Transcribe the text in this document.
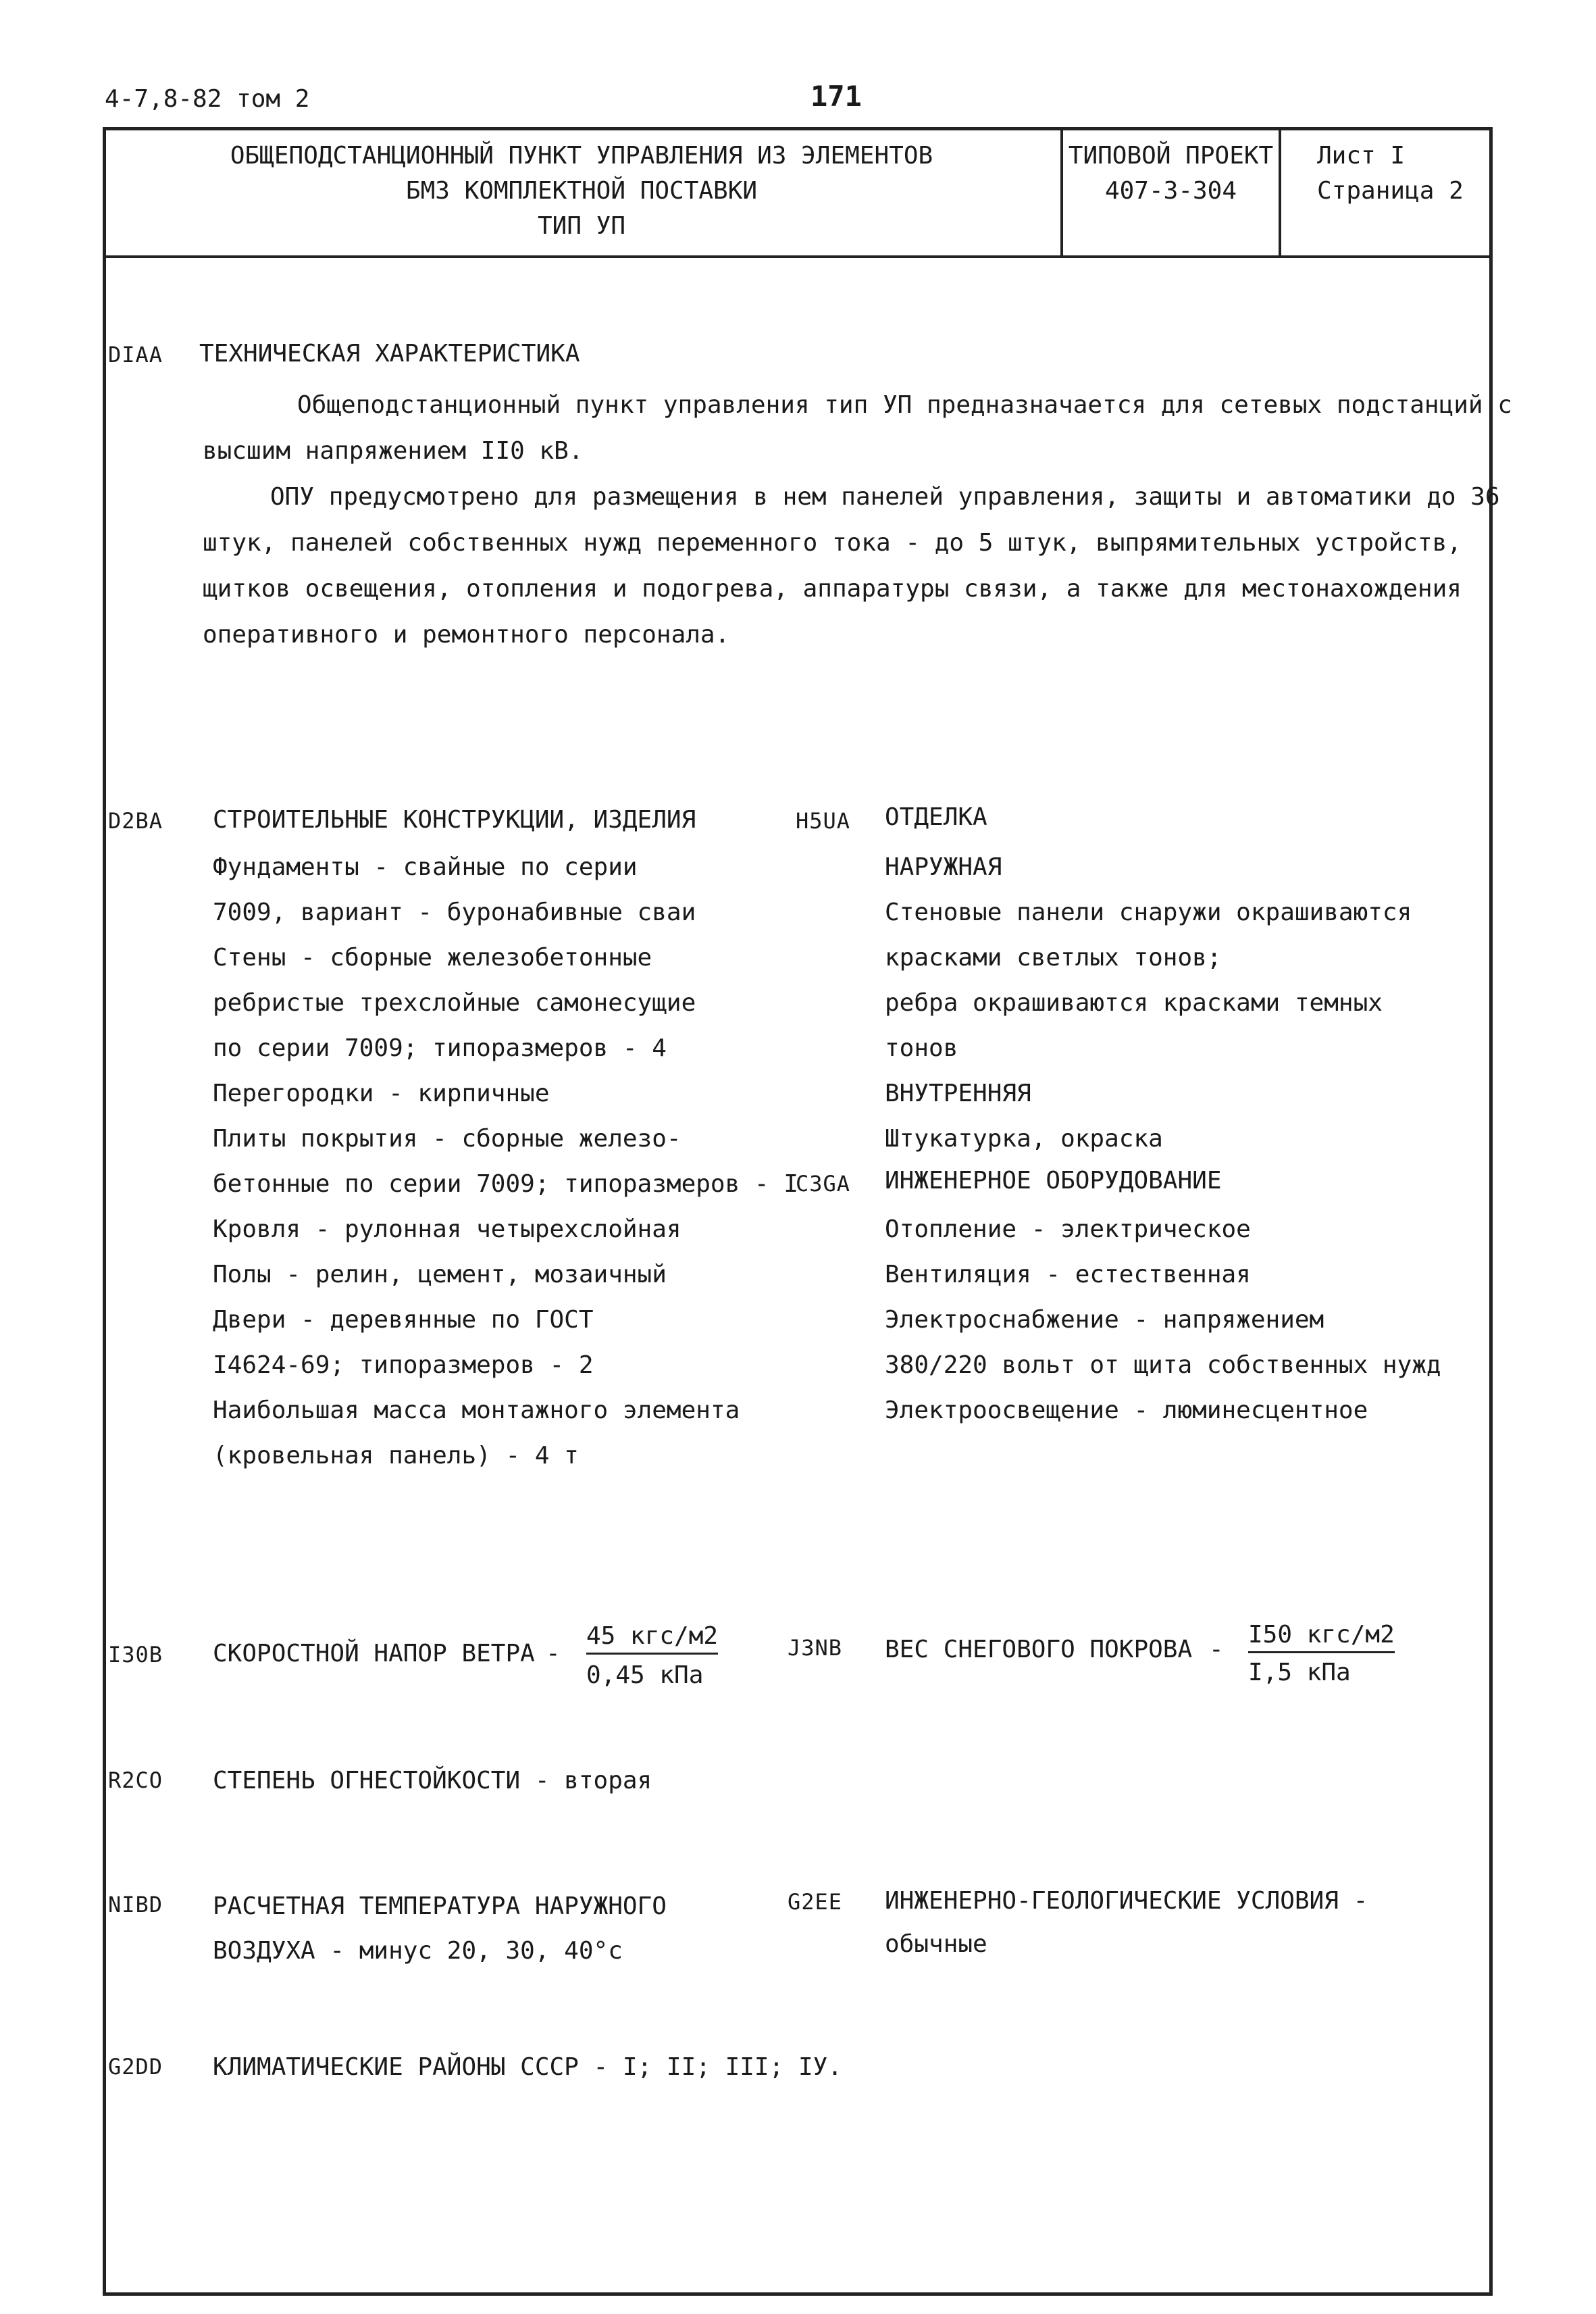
4-7,8-82 том 2	171
ОБЩЕПОДСТАНЦИОННЫЙ ПУНКТ УПРАВЛЕНИЯ ИЗ ЭЛЕМЕНТОВ
БМЗ КОМПЛЕКТНОЙ ПОСТАВКИ
ТИП УП
ТИПОВОЙ ПРОЕКТ
407-3-304
Лист I
Страница 2
DIAA ТЕХНИЧЕСКАЯ ХАРАКТЕРИСТИКА
Общеподстанционный пункт управления тип УП предназначается для сетевых подстанций с
высшим напряжением II0 кВ.
ОПУ предусмотрено для размещения в нем панелей управления, защиты и автоматики до 36
штук, панелей собственных нужд переменного тока - до 5 штук, выпрямительных устройств,
щитков освещения, отопления и подогрева, аппаратуры связи, а также для местонахождения
оперативного и ремонтного персонала.
D2BA СТРОИТЕЛЬНЫЕ КОНСТРУКЦИИ, ИЗДЕЛИЯ
Фундаменты - свайные по серии
7009, вариант - буронабивные сваи
Стены - сборные железобетонные
ребристые трехслойные самонесущие
по серии 7009; типоразмеров - 4
Перегородки - кирпичные
Плиты покрытия - сборные железо-
бетонные по серии 7009; типоразмеров - I
Кровля - рулонная четырехслойная
Полы - релин, цемент, мозаичный
Двери - деревянные по ГОСТ
I4624-69; типоразмеров - 2
Наибольшая масса монтажного элемента
(кровельная панель) - 4 т
H5UA ОТДЕЛКА
НАРУЖНАЯ
Стеновые панели снаружи окрашиваются
красками светлых тонов;
ребра окрашиваются красками темных
тонов
ВНУТРЕННЯЯ
Штукатурка, окраска
C3GA ИНЖЕНЕРНОЕ ОБОРУДОВАНИЕ
Отопление - электрическое
Вентиляция - естественная
Электроснабжение - напряжением
380/220 вольт от щита собственных нужд
Электроосвещение - люминесцентное
I30B СКОРОСТНОЙ НАПОР ВЕТРА -
45 кгс/м2
0,45 кПа
J3NB ВЕС СНЕГОВОГО ПОКРОВА -
I50 кгс/м2
I,5 кПа
R2CO СТЕПЕНЬ ОГНЕСТОЙКОСТИ - вторая
NIBD РАСЧЕТНАЯ ТЕМПЕРАТУРА НАРУЖНОГО
ВОЗДУХА - минус 20, 30, 40°с
G2EE ИНЖЕНЕРНО-ГЕОЛОГИЧЕСКИЕ УСЛОВИЯ -
обычные
G2DD КЛИМАТИЧЕСКИЕ РАЙОНЫ СССР - I; II; III; IУ.
